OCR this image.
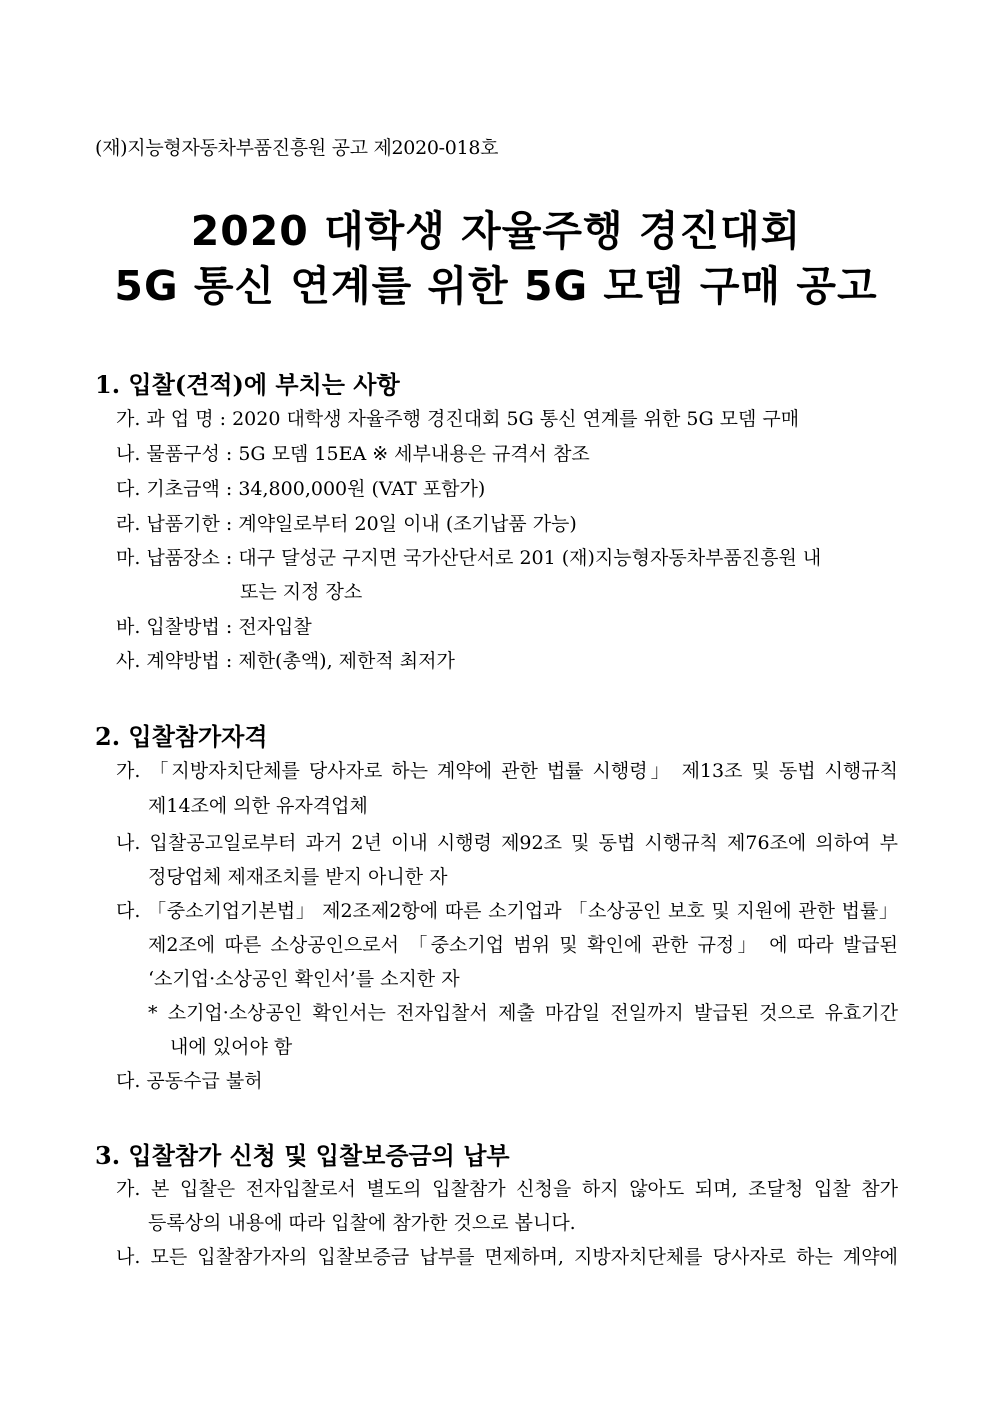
(재)지능형자동차부품진흥원 공고 제2020-018호
2020 대학생 자율주행 경진대회
5G 통신 연계를 위한 5G 모뎀 구매 공고
1. 입찰(견적)에 부치는 사항
가. 과 업 명 : 2020 대학생 자율주행 경진대회 5G 통신 연계를 위한 5G 모뎀 구매
나. 물품구성 : 5G 모뎀 15EA ※ 세부내용은 규격서 참조
다. 기초금액 : 34,800,000원 (VAT 포함가)
라. 납품기한 : 계약일로부터 20일 이내 (조기납품 가능)
마. 납품장소 : 대구 달성군 구지면 국가산단서로 201 (재)지능형자동차부품진흥원 내
또는 지정 장소
바. 입찰방법 : 전자입찰
사. 계약방법 : 제한(총액), 제한적 최저가
2. 입찰참가자격
가. 「지방자치단체를 당사자로 하는 계약에 관한 법률 시행령」 제13조 및 동법 시행규칙
제14조에 의한 유자격업체
나. 입찰공고일로부터 과거 2년 이내 시행령 제92조 및 동법 시행규칙 제76조에 의하여 부
정당업체 제재조치를 받지 아니한 자
다. 「중소기업기본법」 제2조제2항에 따른 소기업과 「소상공인 보호 및 지원에 관한 법률」
제2조에 따른 소상공인으로서 「중소기업 범위 및 확인에 관한 규정」 에 따라 발급된
‘소기업·소상공인 확인서’를 소지한 자
* 소기업·소상공인 확인서는 전자입찰서 제출 마감일 전일까지 발급된 것으로 유효기간
내에 있어야 함
다. 공동수급 불허
3. 입찰참가 신청 및 입찰보증금의 납부
가. 본 입찰은 전자입찰로서 별도의 입찰참가 신청을 하지 않아도 되며, 조달청 입찰 참가
등록상의 내용에 따라 입찰에 참가한 것으로 봅니다.
나. 모든 입찰참가자의 입찰보증금 납부를 면제하며, 지방자치단체를 당사자로 하는 계약에
